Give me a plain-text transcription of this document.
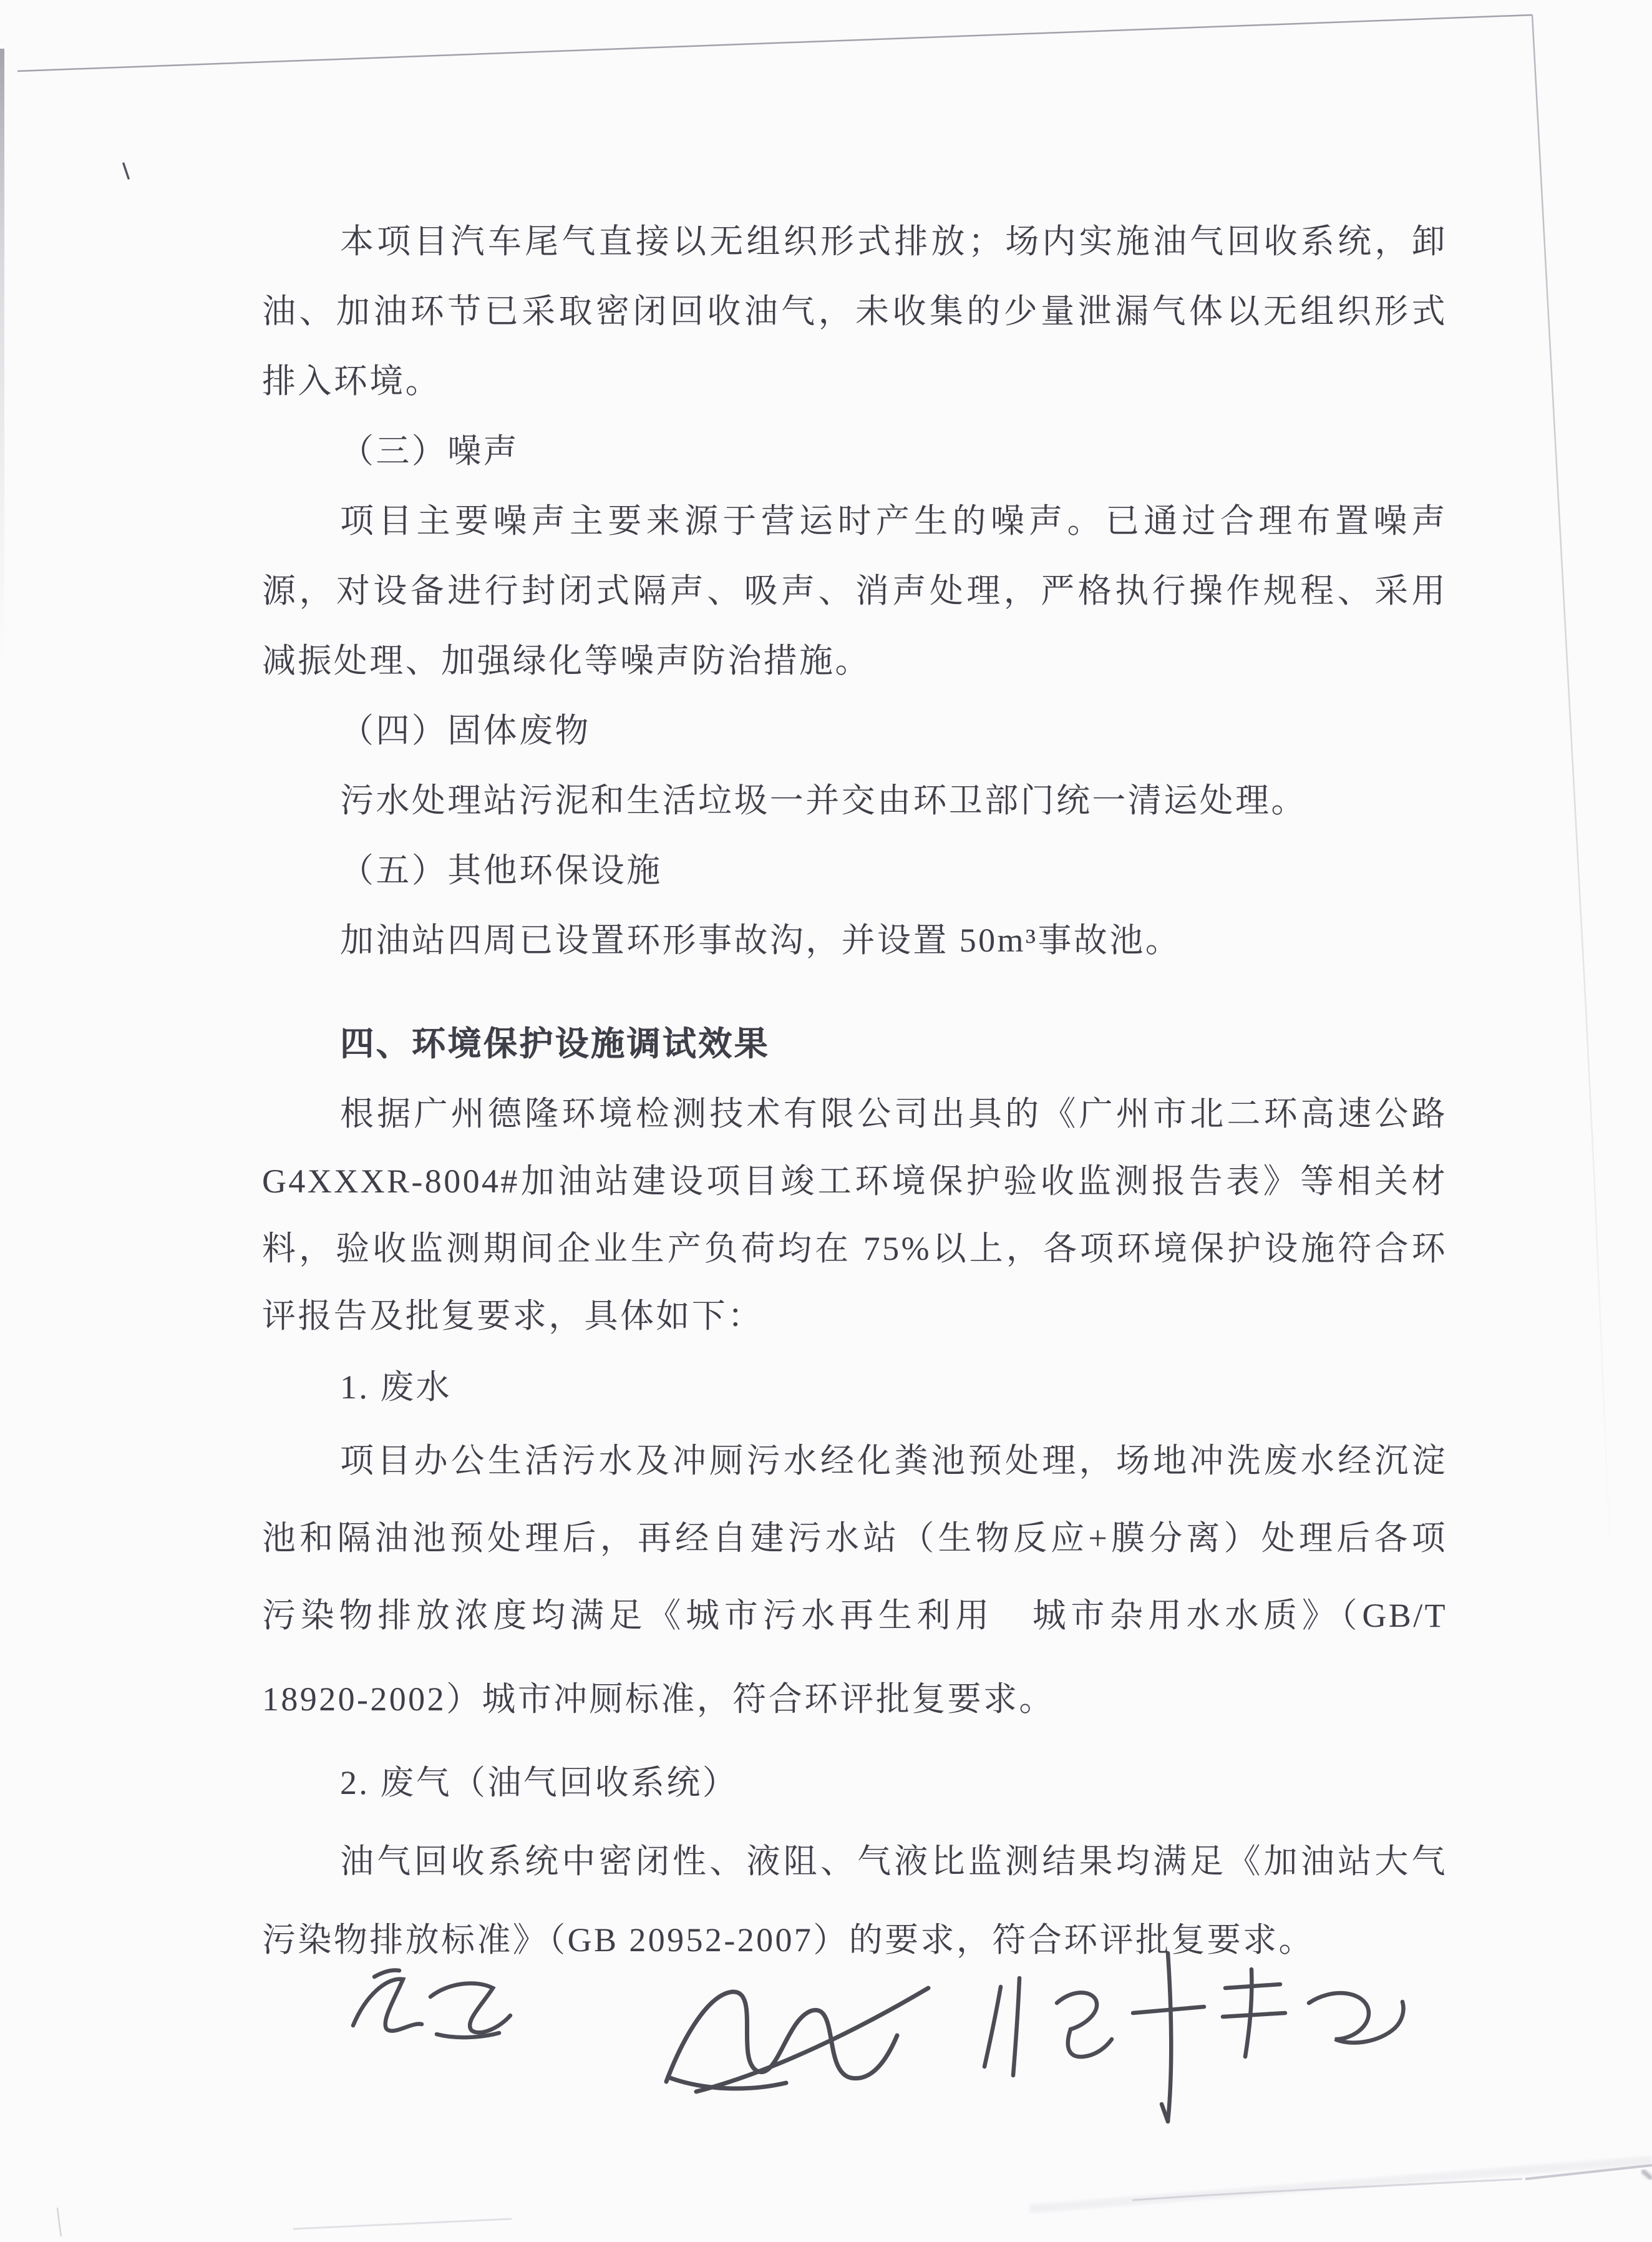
本项目汽车尾气直接以无组织形式排放；场内实施油气回收系统，卸
油、加油环节已采取密闭回收油气，未收集的少量泄漏气体以无组织形式
排入环境。
（三）噪声
项目主要噪声主要来源于营运时产生的噪声。已通过合理布置噪声
源，对设备进行封闭式隔声、吸声、消声处理，严格执行操作规程、采用
减振处理、加强绿化等噪声防治措施。
（四）固体废物
污水处理站污泥和生活垃圾一并交由环卫部门统一清运处理。
（五）其他环保设施
加油站四周已设置环形事故沟，并设置 50m³事故池。
四、环境保护设施调试效果
根据广州德隆环境检测技术有限公司出具的《广州市北二环高速公路
G4XXXR-8004#加油站建设项目竣工环境保护验收监测报告表》等相关材
料，验收监测期间企业生产负荷均在 75%以上，各项环境保护设施符合环
评报告及批复要求，具体如下：
1. 废水
项目办公生活污水及冲厕污水经化粪池预处理，场地冲洗废水经沉淀
池和隔油池预处理后，再经自建污水站（生物反应+膜分离）处理后各项
污染物排放浓度均满足《城市污水再生利用　城市杂用水水质》（GB/T
18920-2002）城市冲厕标准，符合环评批复要求。
2. 废气（油气回收系统）
油气回收系统中密闭性、液阻、气液比监测结果均满足《加油站大气
污染物排放标准》（GB 20952-2007）的要求，符合环评批复要求。
